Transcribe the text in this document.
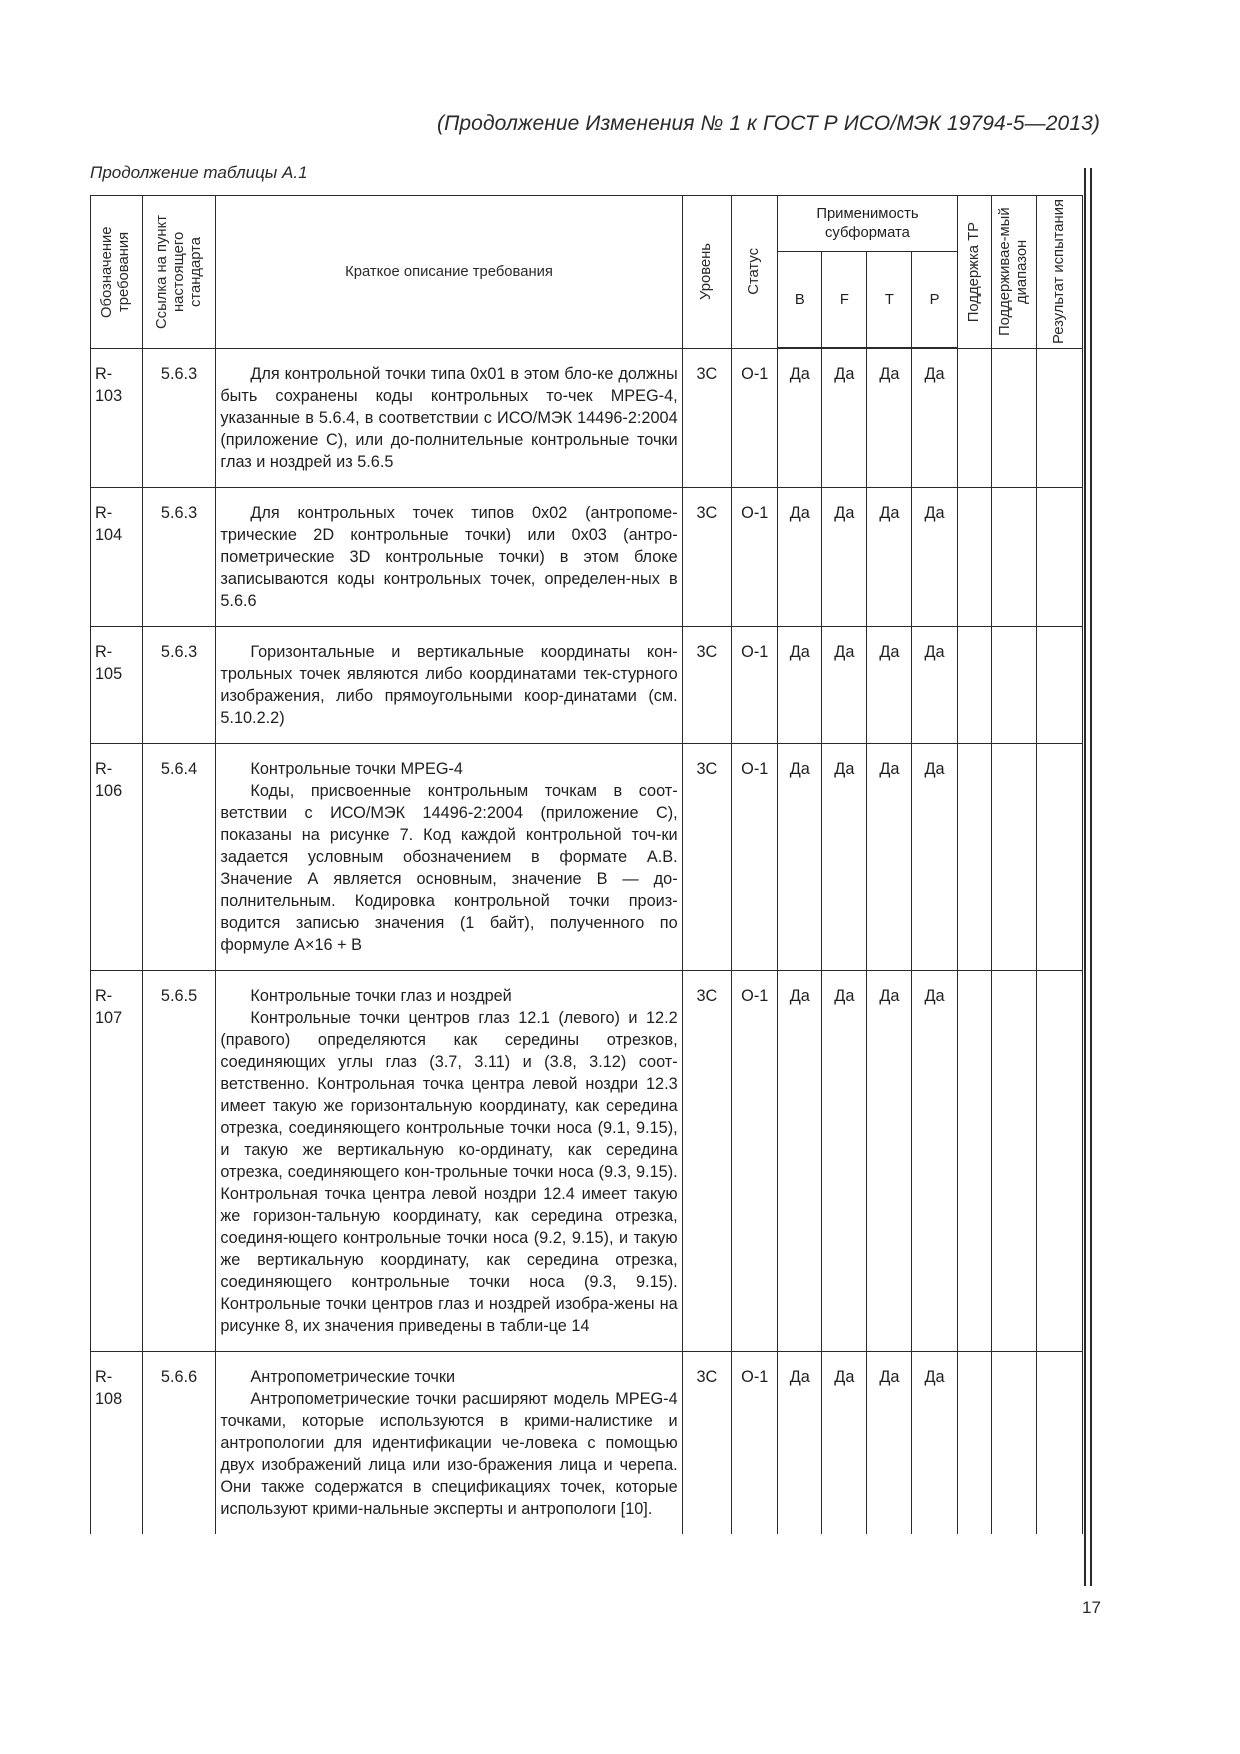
(Продолжение Изменения № 1 к ГОСТ Р ИСО/МЭК 19794-5—2013)
Продолжение таблицы А.1
Обозначение требования	Ссылка на пункт настоящего стандарта	Краткое описание требования	Уровень	Статус	Применимость субформата				Поддержка ТР	Поддерживае-мый диапазон	Результат испытания

					B	F	T	P			
R-103	5.6.3	Для контрольной точки типа 0x01 в этом бло-ке должны быть сохранены коды контрольных то-чек MPEG-4, указанные в 5.6.4, в соответствии с ИСО/МЭК 14496-2:2004 (приложение С), или до-полнительные контрольные точки глаз и ноздрей из 5.6.5	3C	О-1	Да	Да	Да	Да			
R-104	5.6.3	Для контрольных точек типов 0x02 (антропоме-трические 2D контрольные точки) или 0x03 (антро-пометрические 3D контрольные точки) в этом блоке записываются коды контрольных точек, определен-ных в 5.6.6	3C	О-1	Да	Да	Да	Да			
R-105	5.6.3	Горизонтальные и вертикальные координаты кон-трольных точек являются либо координатами тек-стурного изображения, либо прямоугольными коор-динатами (см. 5.10.2.2)	3C	О-1	Да	Да	Да	Да			
R-106	5.6.4	Контрольные точки MPEG-4

Коды, присвоенные контрольным точкам в соот-ветствии с ИСО/МЭК 14496-2:2004 (приложение С), показаны на рисунке 7. Код каждой контрольной точ-ки задается условным обозначением в формате А.В. Значение А является основным, значение В — до-полнительным. Кодировка контрольной точки произ-водится записью значения (1 байт), полученного по формуле А×16 + В	3C	О-1	Да	Да	Да	Да			
R-107	5.6.5	Контрольные точки глаз и ноздрей

Контрольные точки центров глаз 12.1 (левого) и 12.2 (правого) определяются как середины отрезков, соединяющих углы глаз (3.7, 3.11) и (3.8, 3.12) соот-ветственно. Контрольная точка центра левой ноздри 12.3 имеет такую же горизонтальную координату, как середина отрезка, соединяющего контрольные точки носа (9.1, 9.15), и такую же вертикальную ко-ординату, как середина отрезка, соединяющего кон-трольные точки носа (9.3, 9.15). Контрольная точка центра левой ноздри 12.4 имеет такую же горизон-тальную координату, как середина отрезка, соединя-ющего контрольные точки носа (9.2, 9.15), и такую же вертикальную координату, как середина отрезка, соединяющего контрольные точки носа (9.3, 9.15). Контрольные точки центров глаз и ноздрей изобра-жены на рисунке 8, их значения приведены в табли-це 14	3C	О-1	Да	Да	Да	Да			
R-108	5.6.6	Антропометрические точки

Антропометрические точки расширяют модель MPEG-4 точками, которые используются в крими-налистике и антропологии для идентификации че-ловека с помощью двух изображений лица или изо-бражения лица и черепа. Они также содержатся в спецификациях точек, которые используют крими-нальные эксперты и антропологи [10].	3C	О-1	Да	Да	Да	Да			
17
